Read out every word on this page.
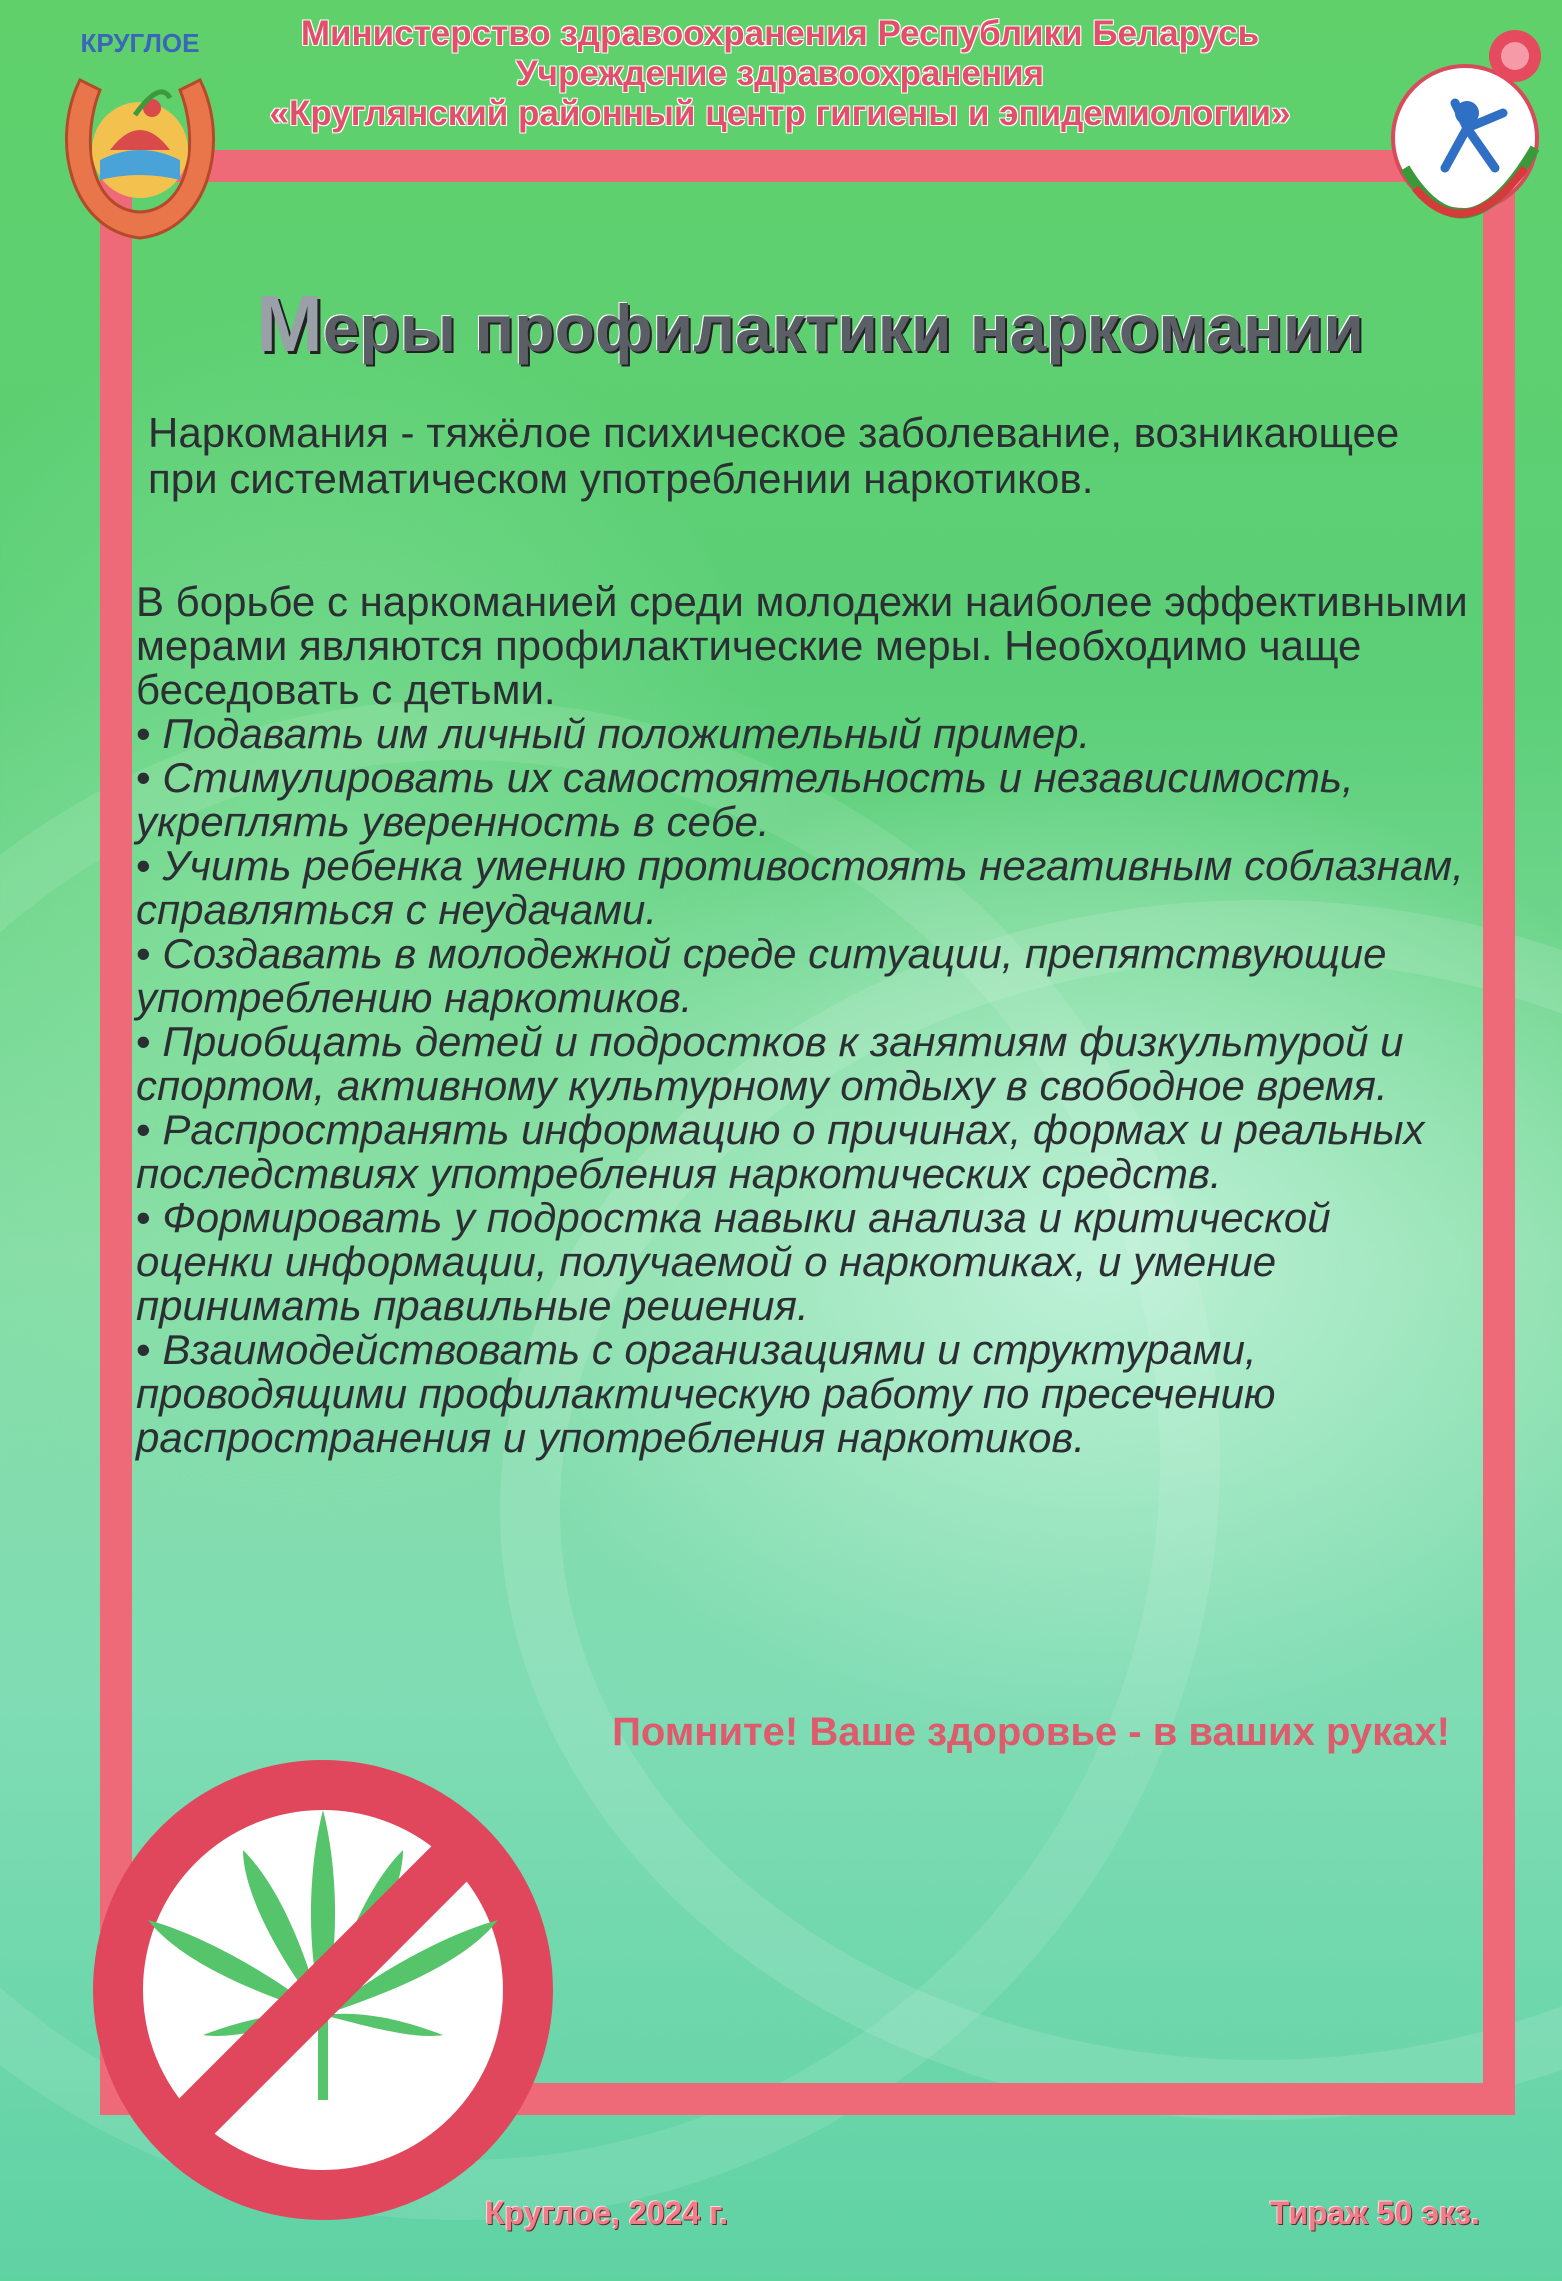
КРУГЛОЕ	Министерство здравоохранения Республики Беларусь
Учреждение здравоохранения
«Круглянский районный центр гигиены и эпидемиологии»
Меры профилактики наркомании
Наркомания - тяжёлое психическое заболевание, возникающее при систематическом употреблении наркотиков.

В борьбе с наркоманией среди молодежи наиболее эффективными мерами являются профилактические меры. Необходимо чаще беседовать с детьми.

• Подавать им личный положительный пример.
• Стимулировать их самостоятельность и независимость, укреплять уверенность в себе.
• Учить ребенка умению противостоять негативным соблазнам, справляться с неудачами.
• Создавать в молодежной среде ситуации, препятствующие употреблению наркотиков.
• Приобщать детей и подростков к занятиям физкультурой и спортом, активному культурному отдыху в свободное время.
• Распространять информацию о причинах, формах и реальных последствиях употребления наркотических средств.
• Формировать у подростка навыки анализа и критической оценки информации, получаемой о наркотиках, и умение принимать правильные решения.
• Взаимодействовать с организациями и структурами, проводящими профилактическую работу по пресечению распространения и употребления наркотиков.
Помните! Ваше здоровье - в ваших руках!
Круглое, 2024 г.	Тираж 50 экз.
